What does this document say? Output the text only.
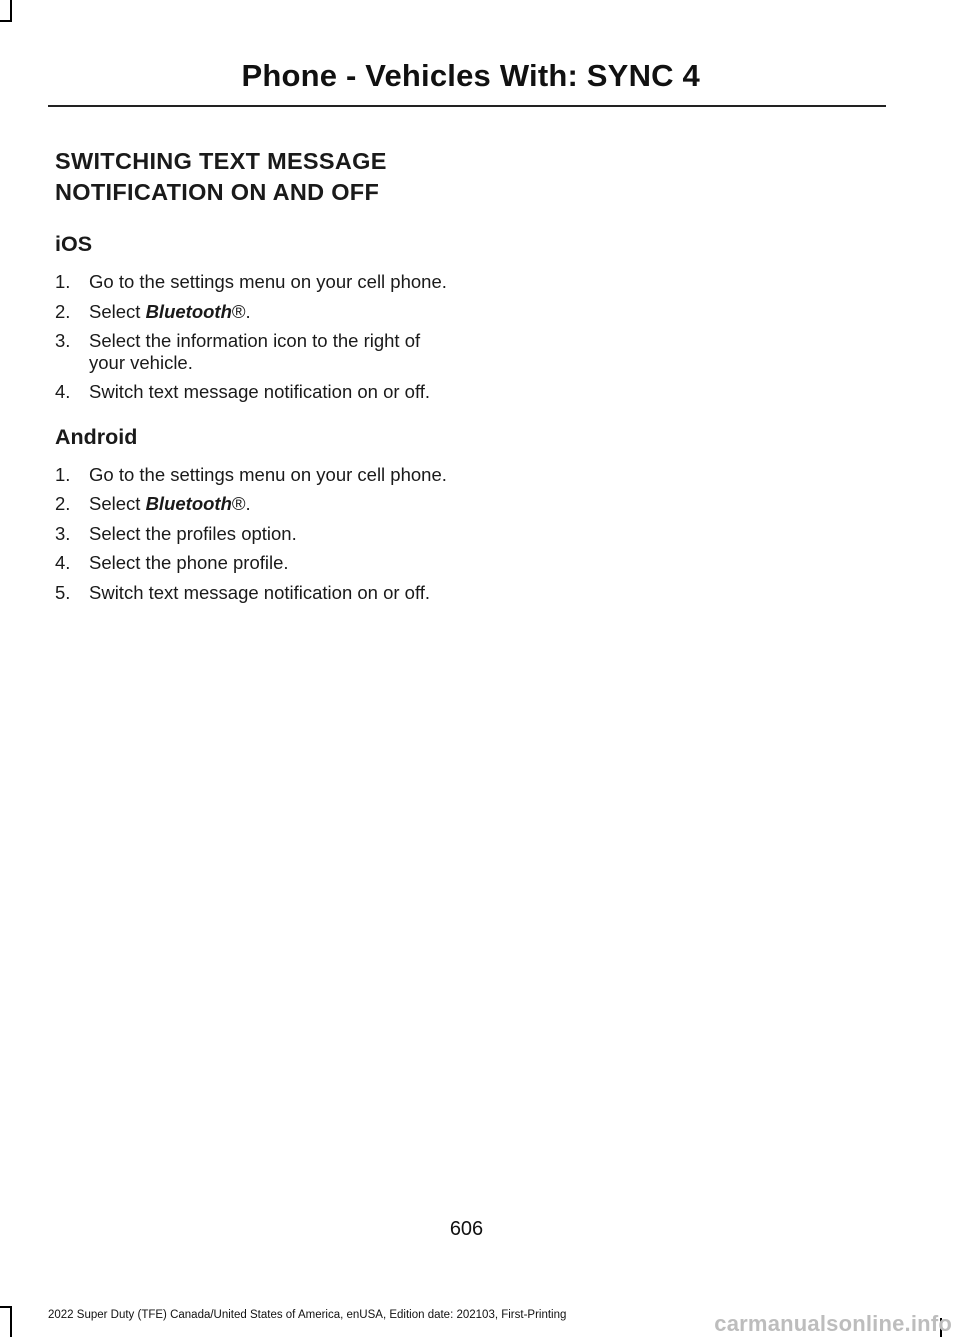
Phone - Vehicles With: SYNC 4
SWITCHING TEXT MESSAGE
NOTIFICATION ON AND OFF
iOS
1. Go to the settings menu on your cell phone.
2. Select Bluetooth®.
3. Select the information icon to the right of your vehicle.
4. Switch text message notification on or off.
Android
1. Go to the settings menu on your cell phone.
2. Select Bluetooth®.
3. Select the profiles option.
4. Select the phone profile.
5. Switch text message notification on or off.
606
2022 Super Duty (TFE) Canada/United States of America, enUSA, Edition date: 202103, First-Printing	carmanualsonline.info
